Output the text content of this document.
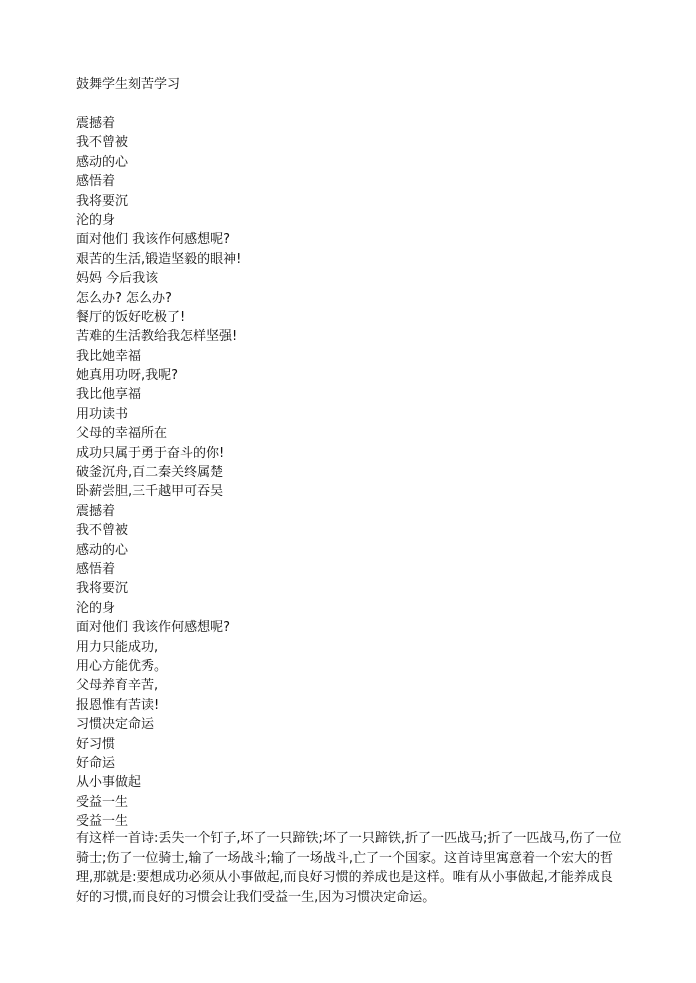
鼓舞学生刻苦学习
震撼着
我不曾被
感动的心
感悟着
我将要沉
沦的身
面对他们 我该作何感想呢?
艰苦的生活,锻造坚毅的眼神!
妈妈 今后我该
怎么办? 怎么办?
餐厅的饭好吃极了!
苦难的生活教给我怎样坚强!
我比她幸福
她真用功呀,我呢?
我比他享福
用功读书
父母的幸福所在
成功只属于勇于奋斗的你!
破釜沉舟,百二秦关终属楚
卧薪尝胆,三千越甲可吞吴
震撼着
我不曾被
感动的心
感悟着
我将要沉
沦的身
面对他们 我该作何感想呢?
用力只能成功,
用心方能优秀。
父母养育辛苦,
报恩惟有苦读!
习惯决定命运
好习惯
好命运
从小事做起
受益一生
受益一生
有这样一首诗:丢失一个钉子,坏了一只蹄铁;坏了一只蹄铁,折了一匹战马;折了一匹战马,伤了一位骑士;伤了一位骑士,输了一场战斗;输了一场战斗,亡了一个国家。这首诗里寓意着一个宏大的哲理,那就是:要想成功必须从小事做起,而良好习惯的养成也是这样。唯有从小事做起,才能养成良好的习惯,而良好的习惯会让我们受益一生,因为习惯决定命运。
